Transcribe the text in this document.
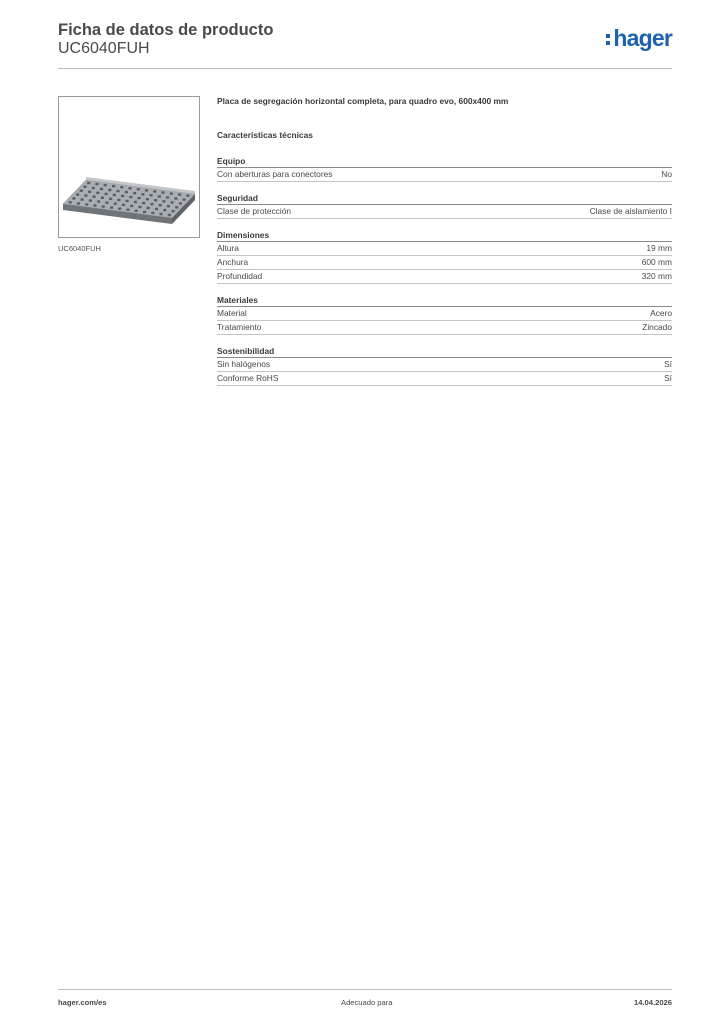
Ficha de datos de producto
UC6040FUH	hager
UC6040FUH

Placa de segregación horizontal completa, para quadro evo, 600x400 mm

Características técnicas
Equipo
Con aberturas para conectores	No
Seguridad
Clase de protección	Clase de aislamiento I
Dimensiones
Altura	19 mm
Anchura	600 mm
Profundidad	320 mm
Materiales
Material	Acero
Tratamiento	Zincado
Sostenibilidad
Sin halógenos	Sí
Conforme RoHS	Sí
hager.com/es	Adecuado para	14.04.2026
